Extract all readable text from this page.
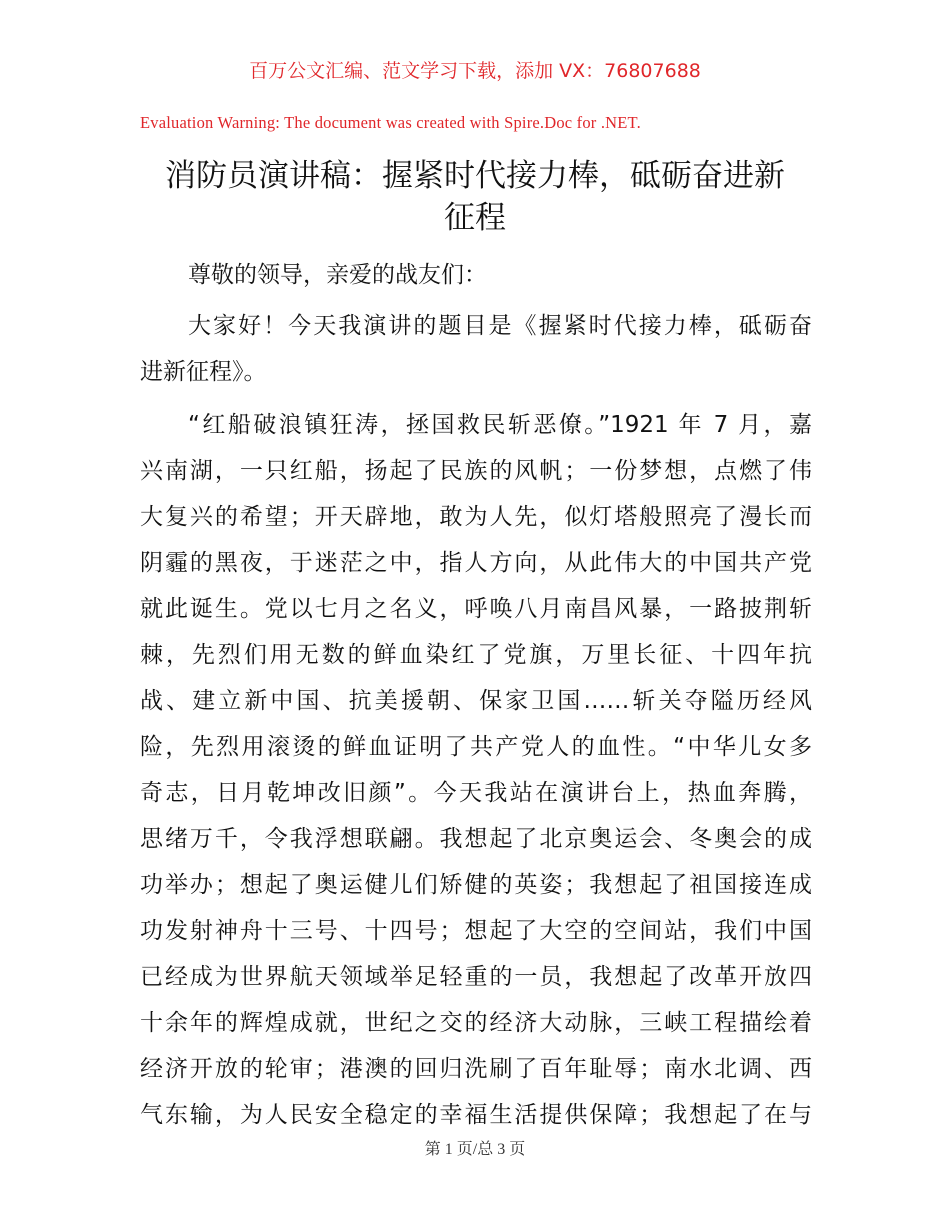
百万公文汇编、范文学习下载，添加 VX：76807688
Evaluation Warning: The document was created with Spire.Doc for .NET.
消防员演讲稿：握紧时代接力棒，砥砺奋进新
征程
尊敬的领导，亲爱的战友们：
大家好！今天我演讲的题目是《握紧时代接力棒，砥砺奋
进新征程》。
“红船破浪镇狂涛，拯国救民斩恶僚。”1921 年 7 月，嘉
兴南湖，一只红船，扬起了民族的风帆；一份梦想，点燃了伟
大复兴的希望；开天辟地，敢为人先，似灯塔般照亮了漫长而
阴霾的黑夜，于迷茫之中，指人方向，从此伟大的中国共产党
就此诞生。党以七月之名义，呼唤八月南昌风暴，一路披荆斩
棘，先烈们用无数的鲜血染红了党旗，万里长征、十四年抗
战、建立新中国、抗美援朝、保家卫国……斩关夺隘历经风
险，先烈用滚烫的鲜血证明了共产党人的血性。“中华儿女多
奇志，日月乾坤改旧颜”。今天我站在演讲台上，热血奔腾，
思绪万千，令我浮想联翩。我想起了北京奥运会、冬奥会的成
功举办；想起了奥运健儿们矫健的英姿；我想起了祖国接连成
功发射神舟十三号、十四号；想起了大空的空间站，我们中国
已经成为世界航天领域举足轻重的一员，我想起了改革开放四
十余年的辉煌成就，世纪之交的经济大动脉，三峡工程描绘着
经济开放的轮审；港澳的回归洗刷了百年耻辱；南水北调、西
气东输，为人民安全稳定的幸福生活提供保障；我想起了在与
第 1 页/总 3 页
